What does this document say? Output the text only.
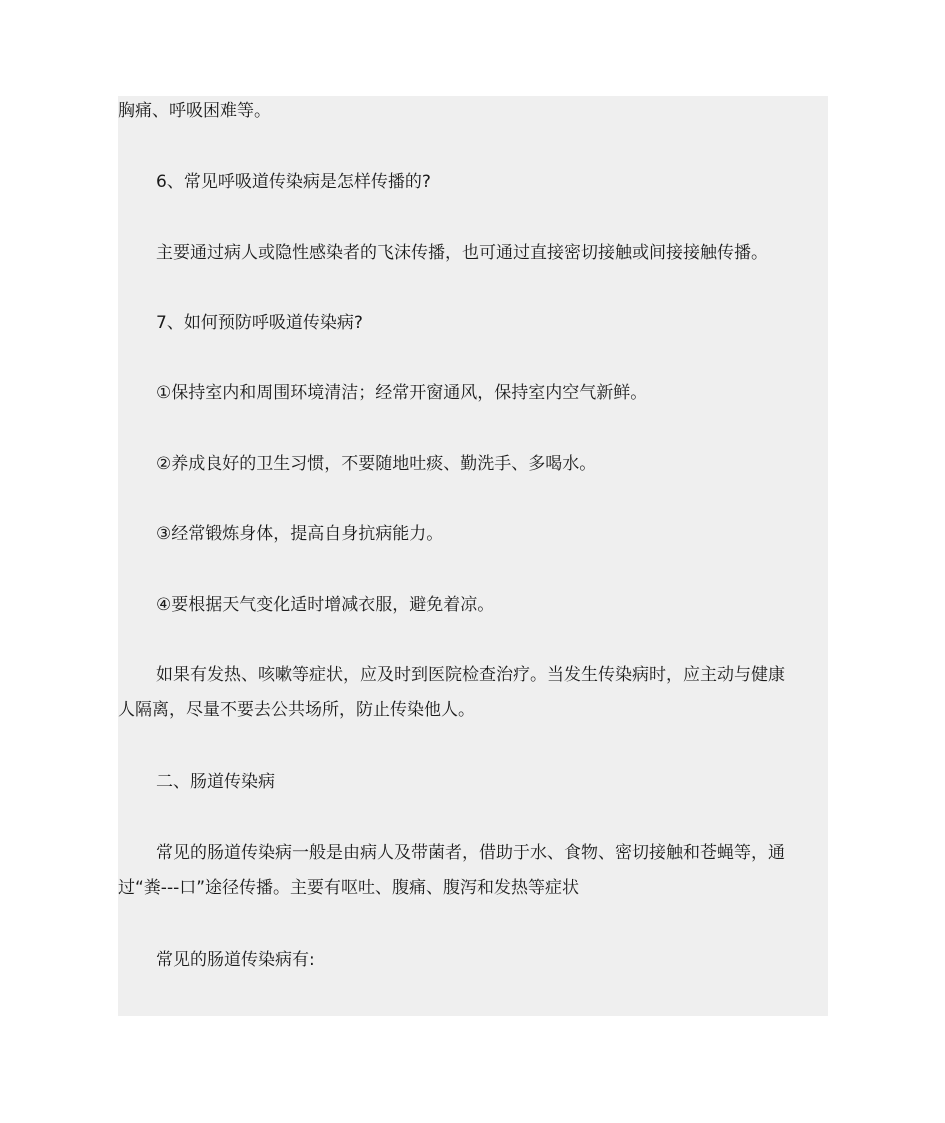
胸痛、呼吸困难等。

6、常见呼吸道传染病是怎样传播的?

主要通过病人或隐性感染者的飞沫传播，也可通过直接密切接触或间接接触传播。

7、如何预防呼吸道传染病?

①保持室内和周围环境清洁；经常开窗通风，保持室内空气新鲜。

②养成良好的卫生习惯，不要随地吐痰、勤洗手、多喝水。

③经常锻炼身体，提高自身抗病能力。

④要根据天气变化适时增减衣服，避免着凉。

如果有发热、咳嗽等症状，应及时到医院检查治疗。当发生传染病时，应主动与健康
人隔离，尽量不要去公共场所，防止传染他人。

二、肠道传染病

常见的肠道传染病一般是由病人及带菌者，借助于水、食物、密切接触和苍蝇等，通
过“粪---口”途径传播。主要有呕吐、腹痛、腹泻和发热等症状

常见的肠道传染病有:
